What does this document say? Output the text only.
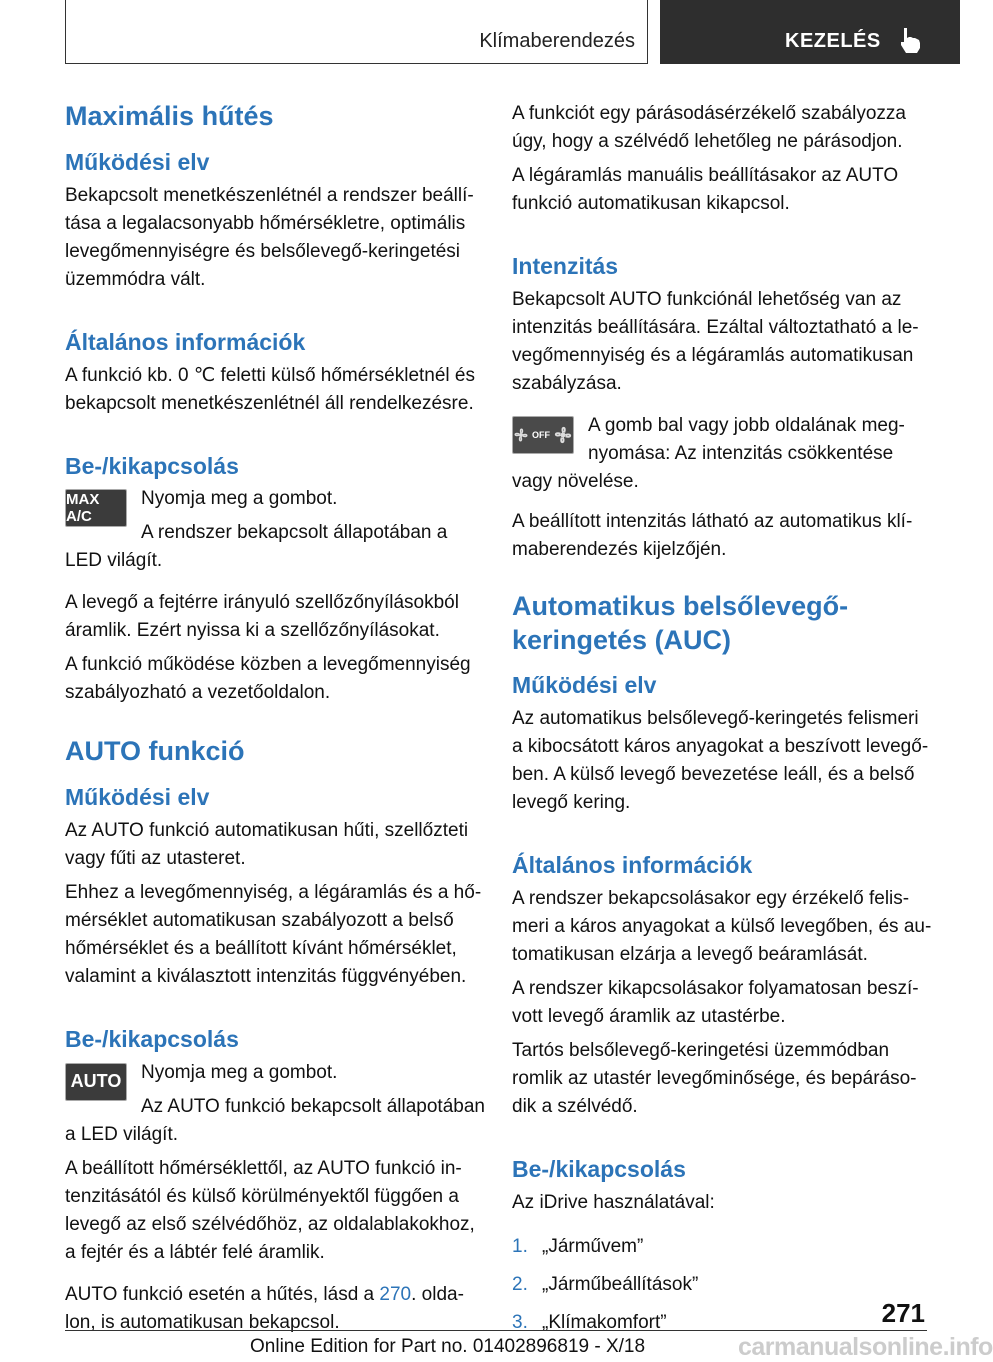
Klímaberendezés	KEZELÉS
Maximális hűtés
Működési elv

Bekapcsolt menetkészenlétnél a rendszer beállítása a legalacsonyabb hőmérsékletre, optimális levegőmennyiségre és belsőlevegő-keringetési üzemmódra vált.

Általános információk

A funkció kb. 0 ℃ feletti külső hőmérsékletnél és bekapcsolt menetkészenlétnél áll rendelkezésre.

Be-/kikapcsolás
MAX A/C

Nyomja meg a gombot.

A rendszer bekapcsolt állapotában a LED világít.

A levegő a fejtérre irányuló szellőzőnyílásokból áramlik. Ezért nyissa ki a szellőzőnyílásokat.

A funkció működése közben a levegőmennyiség szabályozható a vezetőoldalon.

AUTO funkció
Működési elv

Az AUTO funkció automatikusan hűti, szellőzteti vagy fűti az utasteret.

Ehhez a levegőmennyiség, a légáramlás és a hőmérséklet automatikusan szabályozott a belső hőmérséklet és a beállított kívánt hőmérséklet, valamint a kiválasztott intenzitás függvényében.

Be-/kikapcsolás
AUTO	Nyomja meg a gombot.

Az AUTO funkció bekapcsolt állapotában a LED világít.

A beállított hőmérséklettől, az AUTO funkció intenzitásától és külső körülményektől függően a levegő az első szélvédőhöz, az oldalablakokhoz, a fejtér és a lábtér felé áramlik.

AUTO funkció esetén a hűtés, lásd a 270. oldalon, is automatikusan bekapcsol.

A funkciót egy párásodásérzékelő szabályozza úgy, hogy a szélvédő lehetőleg ne párásodjon.

A légáramlás manuális beállításakor az AUTO funkció automatikusan kikapcsol.

Intenzitás

Bekapcsolt AUTO funkciónál lehetőség van az intenzitás beállítására. Ezáltal változtatható a levegőmennyiség és a légáramlás automatikusan szabályzása.

OFF	A gomb bal vagy jobb oldalának megnyomása: Az intenzitás csökkentése vagy növelése.

A beállított intenzitás látható az automatikus klímaberendezés kijelzőjén.

Automatikus belsőlevegő-keringetés (AUC)
Működési elv

Az automatikus belsőlevegő-keringetés felismeri a kibocsátott káros anyagokat a beszívott levegőben. A külső levegő bevezetése leáll, és a belső levegő kering.

Általános információk

A rendszer bekapcsolásakor egy érzékelő felismeri a káros anyagokat a külső levegőben, és automatikusan elzárja a levegő beáramlását.

A rendszer kikapcsolásakor folyamatosan beszívott levegő áramlik az utastérbe.

Tartós belsőlevegő-keringetési üzemmódban romlik az utastér levegőminősége, és bepárásodik a szélvédő.

Be-/kikapcsolás

Az iDrive használatával:

1. „Járművem”
2. „Járműbeállítások”
3. „Klímakomfort”	271
Online Edition for Part no. 01402896819 - X/18	carmanualsonline.info
